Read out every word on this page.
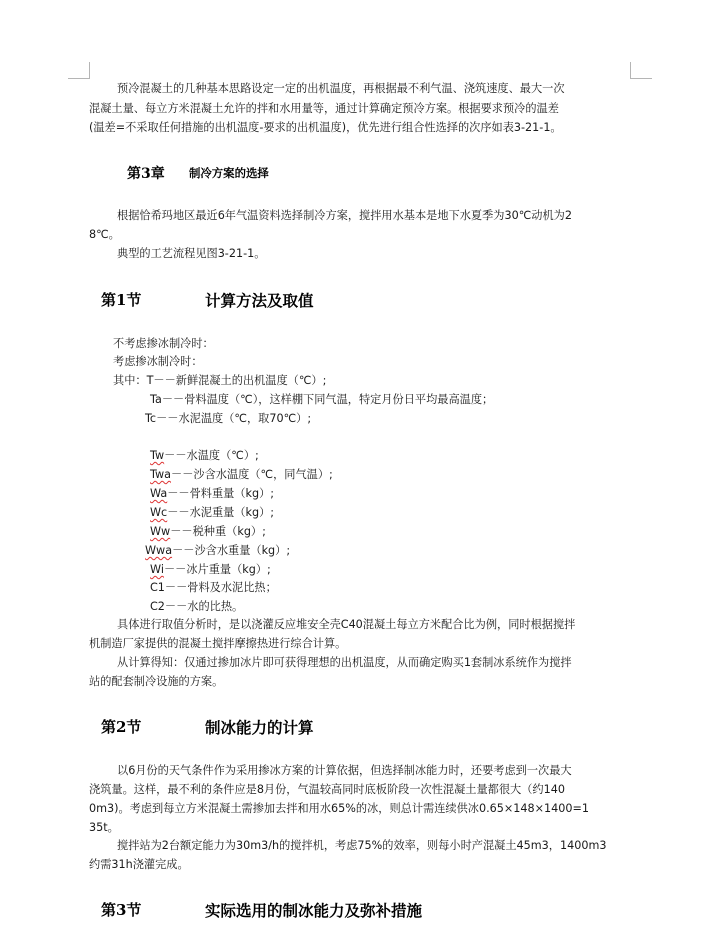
预冷混凝土的几种基本思路设定一定的出机温度，再根据最不利气温、浇筑速度、最大一次
混凝土量、每立方米混凝土允许的拌和水用量等，通过计算确定预冷方案。根据要求预冷的温差
(温差=不采取任何措施的出机温度-要求的出机温度)，优先进行组合性选择的次序如表3-21-1。
第3章 制冷方案的选择
根据恰希玛地区最近6年气温资料选择制冷方案，搅拌用水基本是地下水夏季为30℃动机为2
8℃。
典型的工艺流程见图3-21-1。
第1节	计算方法及取值
不考虑掺冰制冷时：
考虑掺冰制冷时：
其中：T－－新鲜混凝土的出机温度（℃）;
Ta－－骨料温度（℃），这样棚下同气温，特定月份日平均最高温度；
Tc－－水泥温度（℃，取70℃）;
Tw－－水温度（℃）;
Twa－－沙含水温度（℃，同气温）;
Wa－－骨料重量（kg）;
Wc－－水泥重量（kg）;
Ww－－税种重（kg）;
Wwa－－沙含水重量（kg）;
Wi－－冰片重量（kg）;
C1－－骨料及水泥比热；
C2－－水的比热。
具体进行取值分析时，是以浇灌反应堆安全壳C40混凝土每立方米配合比为例，同时根据搅拌
机制造厂家提供的混凝土搅拌摩擦热进行综合计算。
从计算得知：仅通过掺加冰片即可获得理想的出机温度，从而确定购买1套制冰系统作为搅拌
站的配套制冷设施的方案。
第2节	制冰能力的计算
以6月份的天气条件作为采用掺冰方案的计算依据，但选择制冰能力时，还要考虑到一次最大
浇筑量。这样，最不利的条件应是8月份，气温较高同时底板阶段一次性混凝土量都很大（约140
0m3)。考虑到每立方米混凝土需掺加去拌和用水65%的冰，则总计需连续供冰0.65×148×1400=1
35t。
搅拌站为2台额定能力为30m3/h的搅拌机，考虑75%的效率，则每小时产混凝土45m3，1400m3
约需31h浇灌完成。
第3节	实际选用的制冰能力及弥补措施
